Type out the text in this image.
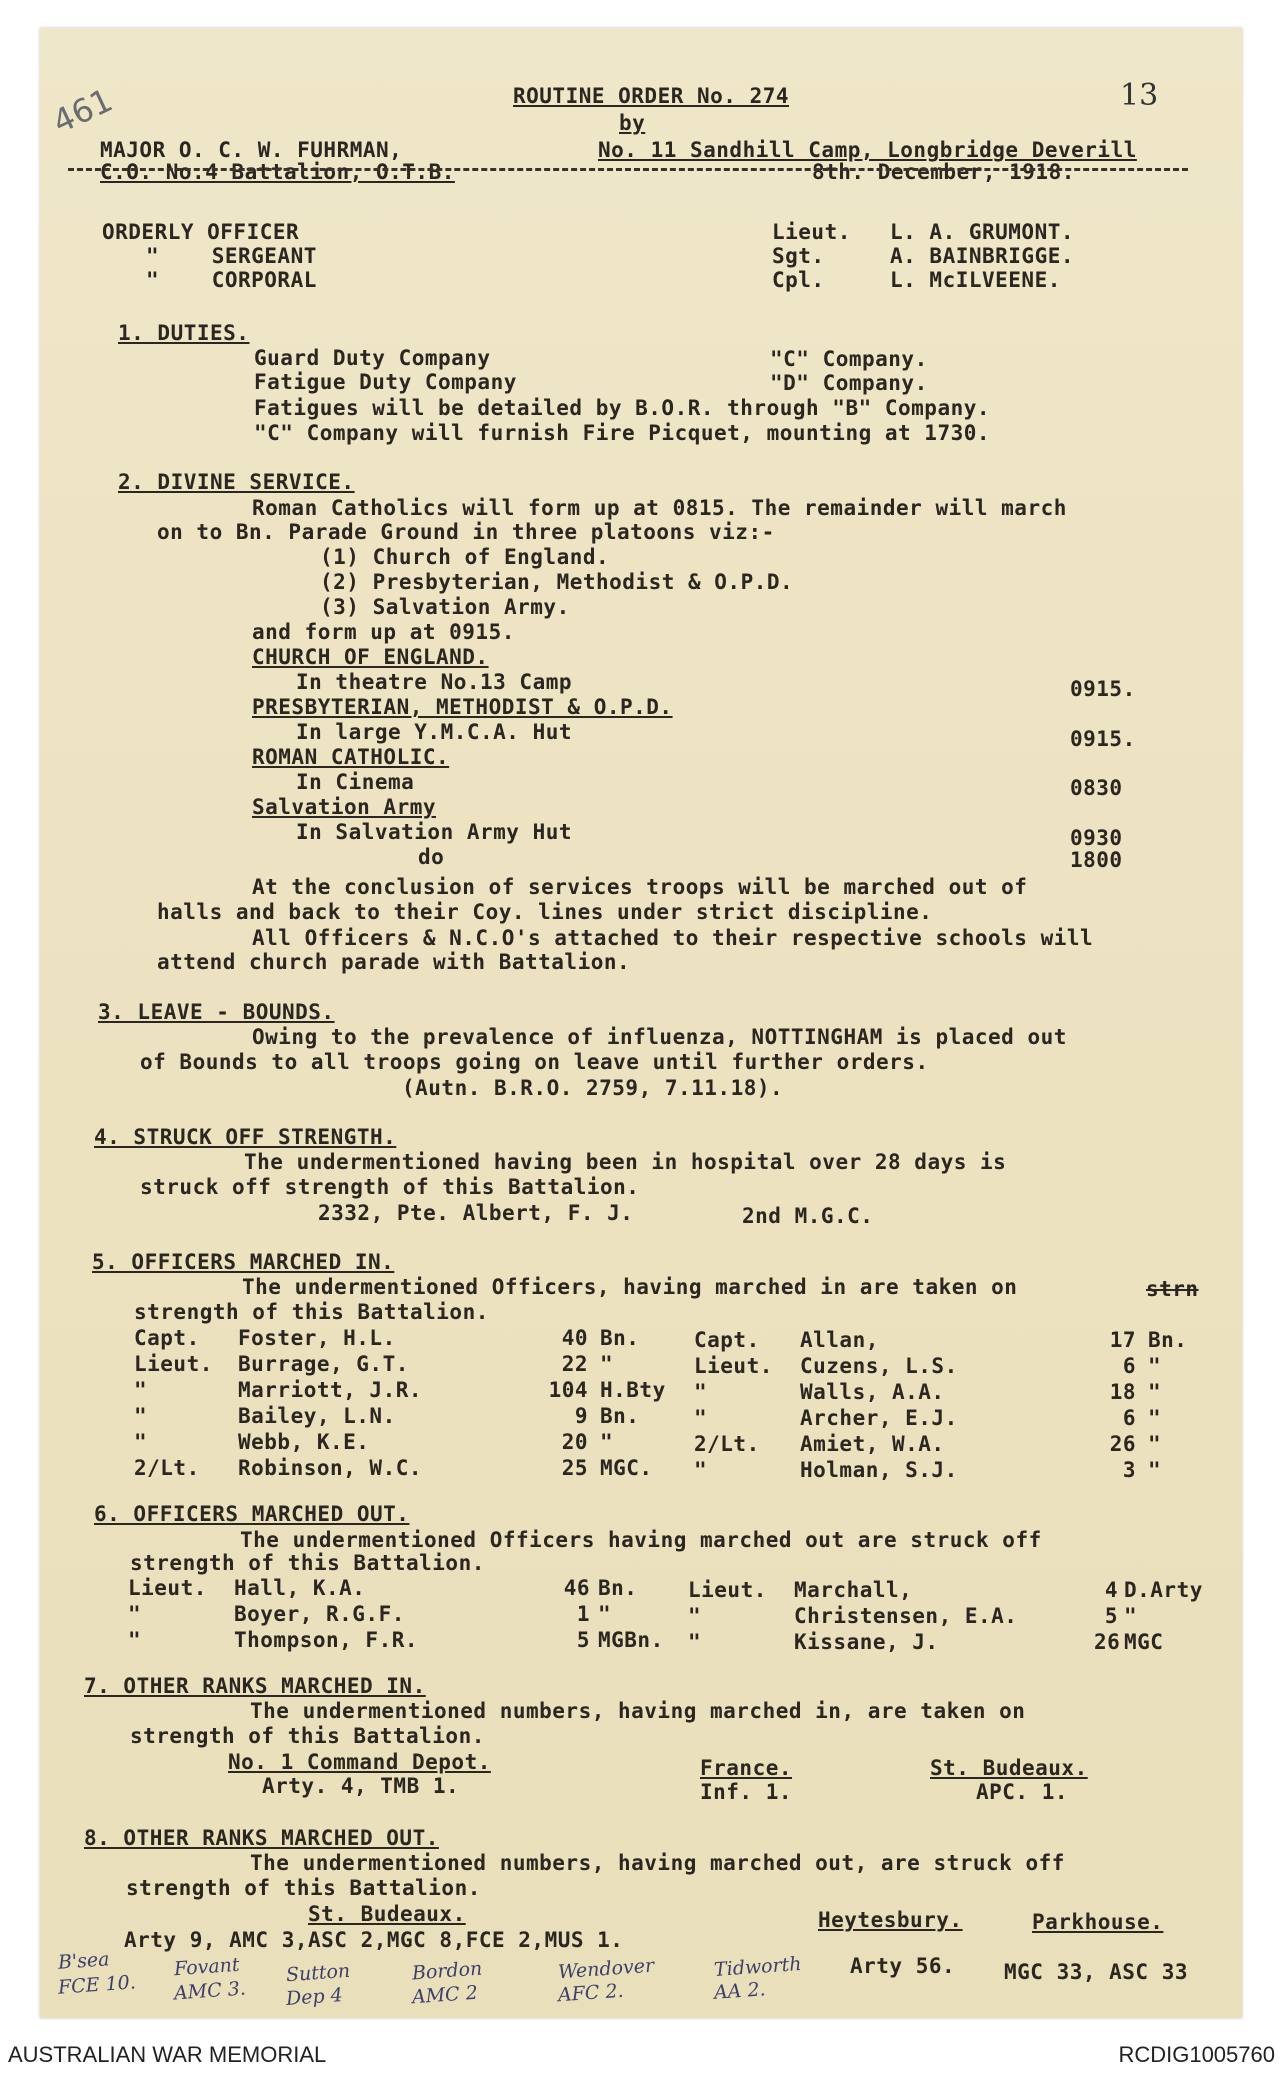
461	13
ROUTINE ORDER No. 274
by
MAJOR O. C. W. FUHRMAN,
C.O. No.4 Battalion, O.T.B.
No. 11 Sandhill Camp, Longbridge Deverill
8th. December, 1918.
ORDERLY OFFICER	Lieut. L. A. GRUMONT.
"    SERGEANT	Sgt.	A. BAINBRIGGE.
"    CORPORAL	Cpl.	L. McILVEENE.
1. DUTIES.
Guard Duty Company	"C" Company.
Fatigue Duty Company	"D" Company.
Fatigues will be detailed by B.O.R. through "B" Company.
"C" Company will furnish Fire Picquet, mounting at 1730.
2. DIVINE SERVICE.
Roman Catholics will form up at 0815. The remainder will march
on to Bn. Parade Ground in three platoons viz:-
(1) Church of England.
(2) Presbyterian, Methodist & O.P.D.
(3) Salvation Army.
and form up at 0915.
CHURCH OF ENGLAND.
In theatre No.13 Camp	0915.
PRESBYTERIAN, METHODIST & O.P.D.
In large Y.M.C.A. Hut	0915.
ROMAN CATHOLIC.
In Cinema	0830
Salvation Army
In Salvation Army Hut	0930
do	1800
At the conclusion of services troops will be marched out of
halls and back to their Coy. lines under strict discipline.
All Officers & N.C.O's attached to their respective schools will
attend church parade with Battalion.
3. LEAVE - BOUNDS.
Owing to the prevalence of influenza, NOTTINGHAM is placed out
of Bounds to all troops going on leave until further orders.
(Autn. B.R.O. 2759, 7.11.18).
4. STRUCK OFF STRENGTH.
The undermentioned having been in hospital over 28 days is
struck off strength of this Battalion.
2332, Pte. Albert, F. J.	2nd M.G.C.
5. OFFICERS MARCHED IN.
The undermentioned Officers, having marched in are taken on	strn
strength of this Battalion.
Capt. Foster, H.L.	40 Bn.
Lieut. Burrage, G.T.	22 "
"	Marriott, J.R.	104 H.Bty
"	Bailey, L.N.	9 Bn.
"	Webb, K.E.	20 "
2/Lt. Robinson, W.C.	25 MGC.
Capt. Allan,	17 Bn.
Lieut. Cuzens, L.S.	6 "
"	Walls, A.A.	18 "
"	Archer, E.J.	6 "
2/Lt. Amiet, W.A.	26 "
"	Holman, S.J.	3 "
6. OFFICERS MARCHED OUT.
The undermentioned Officers having marched out are struck off
strength of this Battalion.
Lieut. Hall, K.A.	46 Bn.
"	Boyer, R.G.F.	1 "
"	Thompson, F.R.	5 MGBn.
Lieut. Marchall,	4 D.Arty
"	Christensen, E.A.	5 "
"	Kissane, J.	26 MGC
7. OTHER RANKS MARCHED IN.
The undermentioned numbers, having marched in, are taken on
strength of this Battalion.
No. 1 Command Depot.
Arty. 4, TMB 1.
France.
Inf. 1.
St. Budeaux.
APC. 1.
8. OTHER RANKS MARCHED OUT.
The undermentioned numbers, having marched out, are struck off
strength of this Battalion.
St. Budeaux.
Arty 9, AMC 3,ASC 2,MGC 8,FCE 2,MUS 1.
Heytesbury.
Arty 56.
Parkhouse.
MGC 33, ASC 33
B'sea
FCE 10.
Fovant
AMC 3.
Sutton
Dep 4
Bordon
AMC 2
Wendover
AFC 2.
Tidworth
AA 2.
AUSTRALIAN WAR MEMORIAL	RCDIG1005760
